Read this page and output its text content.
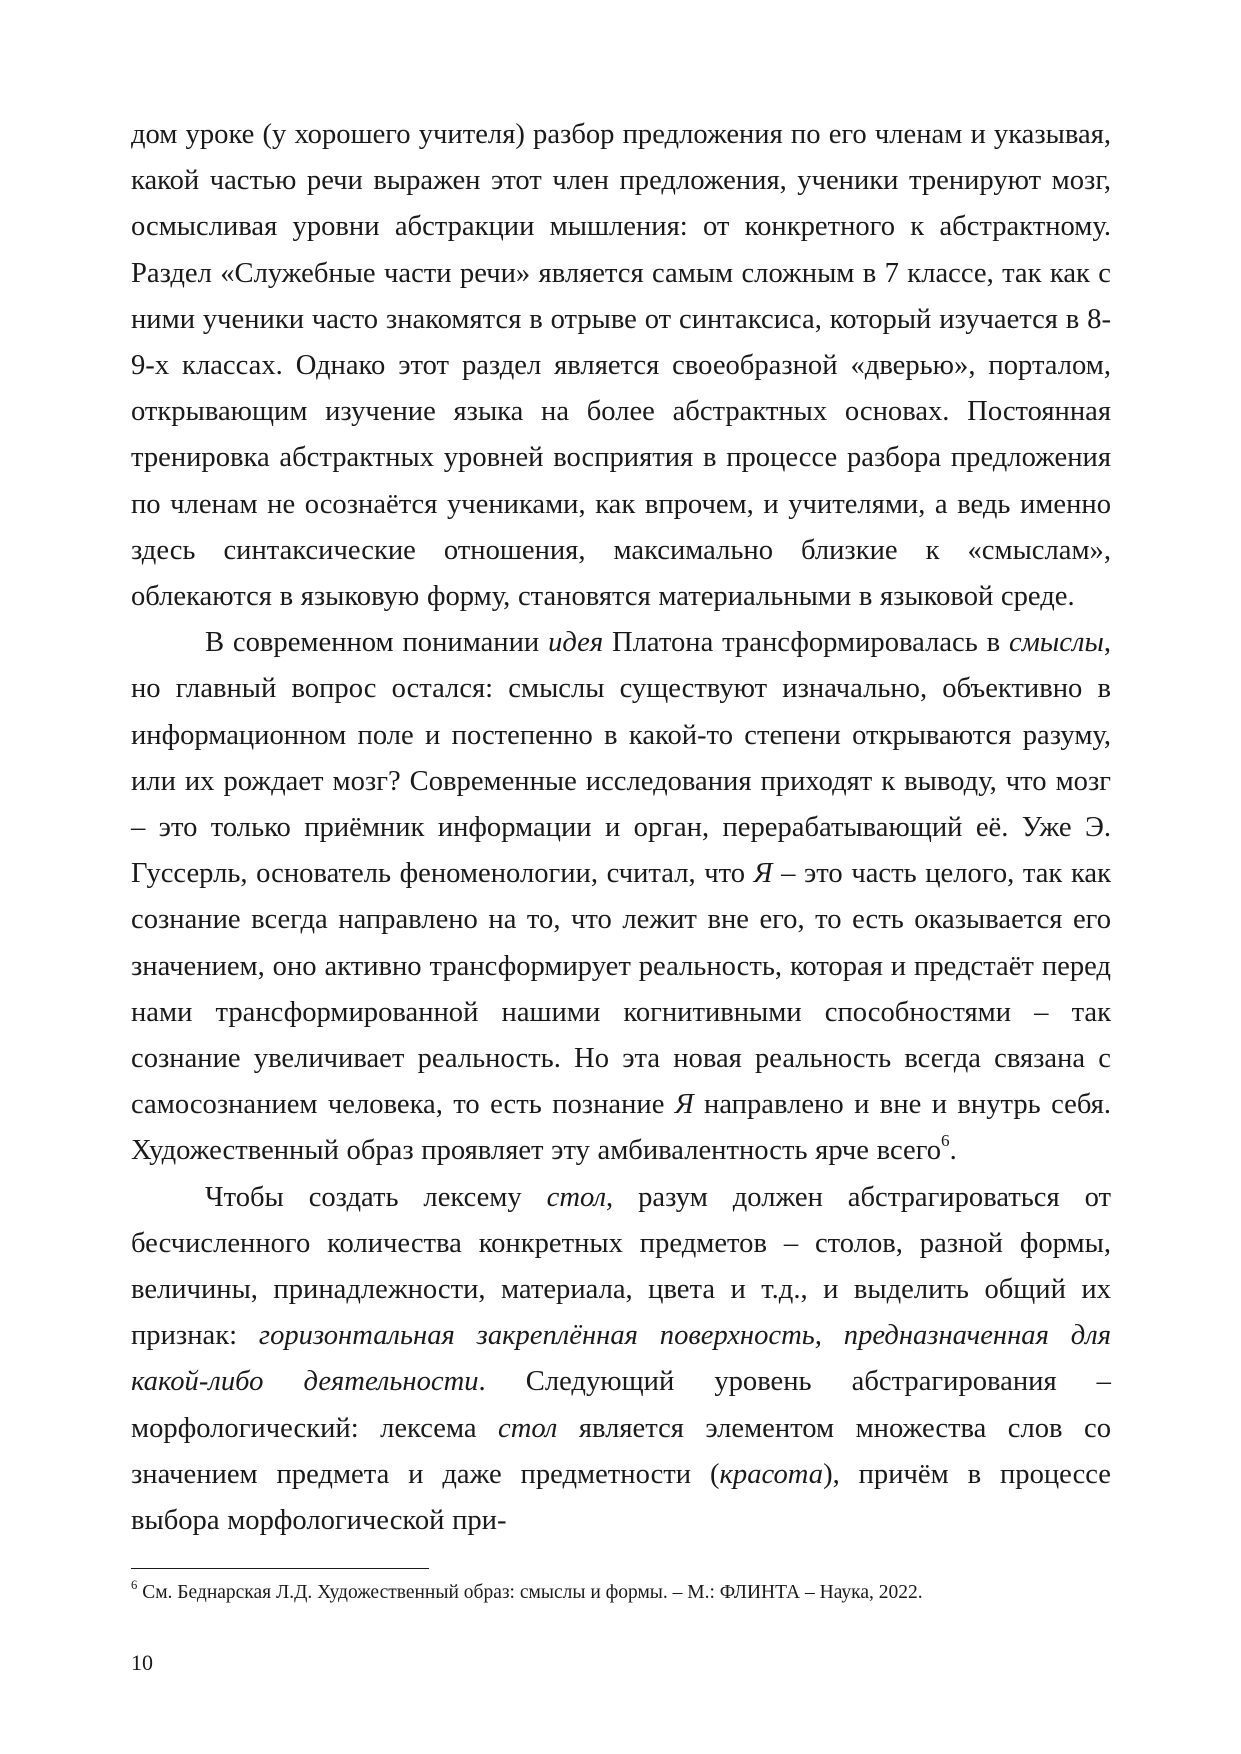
дом уроке (у хорошего учителя) разбор предложения по его членам и указывая, какой частью речи выражен этот член предложения, ученики тренируют мозг, осмысливая уровни абстракции мышления: от конкретного к абстрактному. Раздел «Служебные части речи» является самым сложным в 7 классе, так как с ними ученики часто знакомятся в отрыве от синтаксиса, который изучается в 8-9-х классах. Однако этот раздел является своеобразной «дверью», порталом, открывающим изучение языка на более абстрактных основах. Постоянная тренировка абстрактных уровней восприятия в процессе разбора предложения по членам не осознаётся учениками, как впрочем, и учителями, а ведь именно здесь синтаксические отношения, максимально близкие к «смыслам», облекаются в языковую форму, становятся материальными в языковой среде.

В современном понимании идея Платона трансформировалась в смыслы, но главный вопрос остался: смыслы существуют изначально, объективно в информационном поле и постепенно в какой-то степени открываются разуму, или их рождает мозг? Современные исследования приходят к выводу, что мозг – это только приёмник информации и орган, перерабатывающий её. Уже Э. Гуссерль, основатель феноменологии, считал, что Я – это часть целого, так как сознание всегда направлено на то, что лежит вне его, то есть оказывается его значением, оно активно трансформирует реальность, которая и предстаёт перед нами трансформированной нашими когнитивными способностями – так сознание увеличивает реальность. Но эта новая реальность всегда связана с самосознанием человека, то есть познание Я направлено и вне и внутрь себя. Художественный образ проявляет эту амбивалентность ярче всего$^6$.

Чтобы создать лексему стол, разум должен абстрагироваться от бесчисленного количества конкретных предметов – столов, разной формы, величины, принадлежности, материала, цвета и т.д., и выделить общий их признак: горизонтальная закреплённая поверхность, предназначенная для какой-либо деятельности. Следующий уровень абстрагирования – морфологический: лексема стол является элементом множества слов со значением предмета и даже предметности (красота), причём в процессе выбора морфологической при-

$^6$ См. Беднарская Л.Д. Художественный образ: смыслы и формы. – М.: ФЛИНТА – Наука, 2022.

10
